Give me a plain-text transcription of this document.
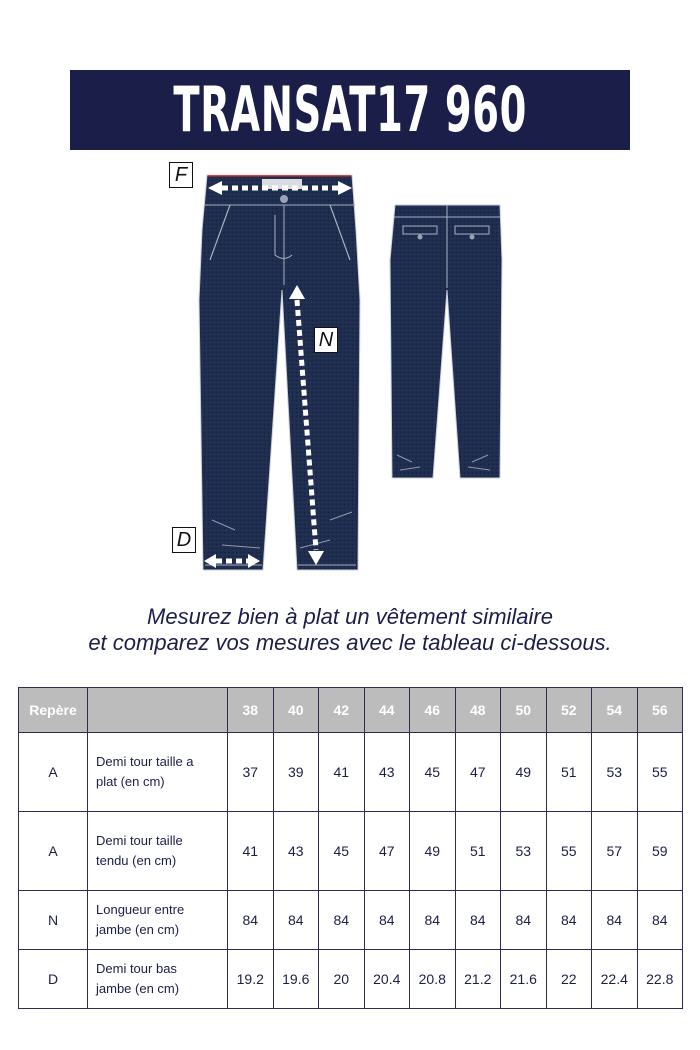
TRANSAT17 960
F
N
D
Mesurez bien à plat un vêtement similaire
et comparez vos mesures avec le tableau ci-dessous.
Repère		38	40	42	44	46	48	50	52	54	56
A	Demi tour taille a
plat (en cm)	37	39	41	43	45	47	49	51	53	55
A	Demi tour taille
tendu (en cm)	41	43	45	47	49	51	53	55	57	59
N	Longueur entre
jambe (en cm)	84	84	84	84	84	84	84	84	84	84
D	Demi tour bas
jambe (en cm)	19.2	19.6	20	20.4	20.8	21.2	21.6	22	22.4	22.8
